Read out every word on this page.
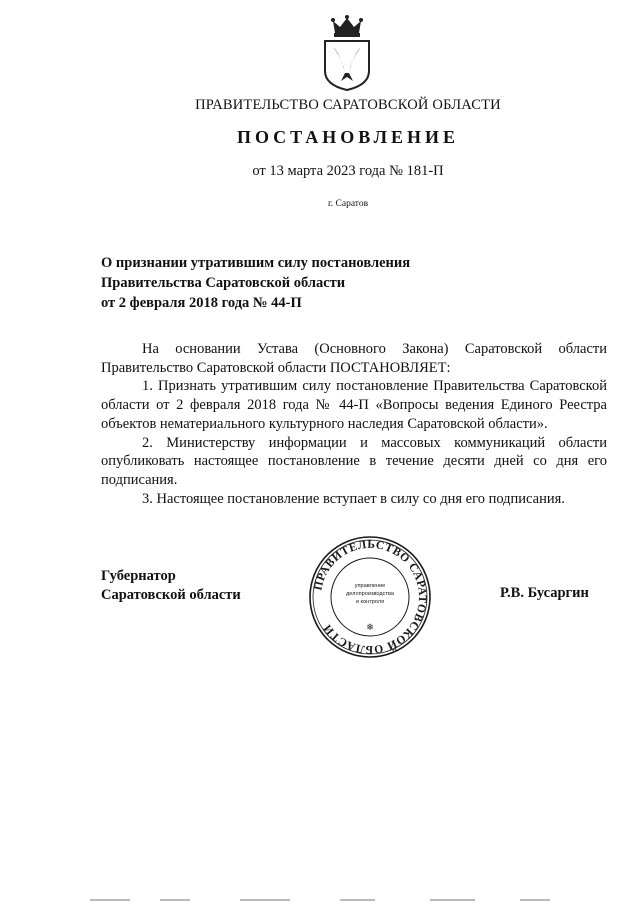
ПРАВИТЕЛЬСТВО САРАТОВСКОЙ ОБЛАСТИ
ПОСТАНОВЛЕНИЕ
от 13 марта 2023 года № 181-П
г. Саратов
О признании утратившим силу постановления
Правительства Саратовской области
от 2 февраля 2018 года № 44-П

На основании Устава (Основного Закона) Саратовской области Правительство Саратовской области ПОСТАНОВЛЯЕТ:

1. Признать утратившим силу постановление Правительства Саратовской области от 2 февраля 2018 года № 44-П «Вопросы ведения Единого Реестра объектов нематериального культурного наследия Саратовской области».

2. Министерству информации и массовых коммуникаций области опубликовать настоящее постановление в течение десяти дней со дня его подписания.

3. Настоящее постановление вступает в силу со дня его подписания.

Губернатор
Саратовской области
ПРАВИТЕЛЬСТВО САРАТОВСКОЙ ОБЛАСТИ
управление
делопроизводства
и контроля
❄
Р.В. Бусаргин
